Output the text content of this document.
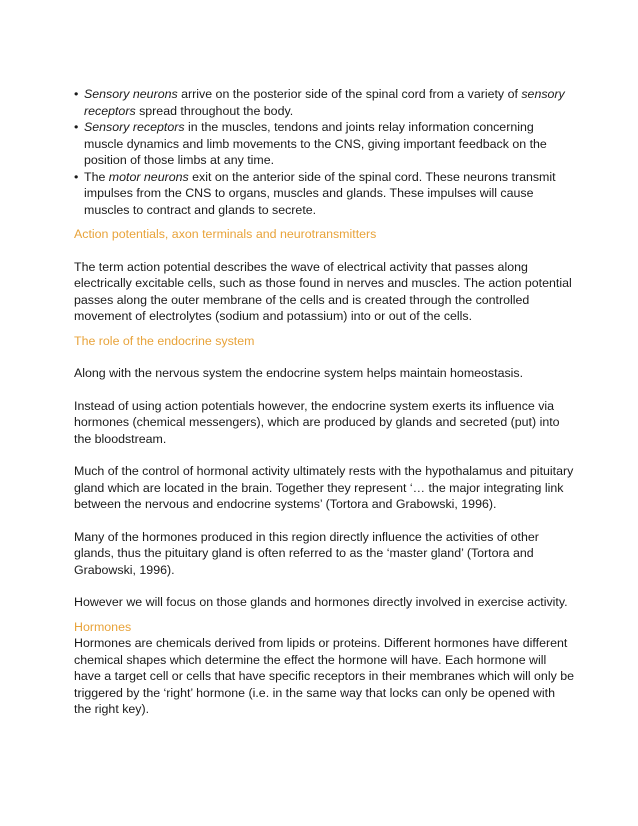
• Sensory neurons arrive on the posterior side of the spinal cord from a variety of sensory receptors spread throughout the body.
• Sensory receptors in the muscles, tendons and joints relay information concerning muscle dynamics and limb movements to the CNS, giving important feedback on the position of those limbs at any time.
• The motor neurons exit on the anterior side of the spinal cord. These neurons transmit impulses from the CNS to organs, muscles and glands. These impulses will cause muscles to contract and glands to secrete.
Action potentials, axon terminals and neurotransmitters

The term action potential describes the wave of electrical activity that passes along electrically excitable cells, such as those found in nerves and muscles. The action potential passes along the outer membrane of the cells and is created through the controlled movement of electrolytes (sodium and potassium) into or out of the cells.

The role of the endocrine system

Along with the nervous system the endocrine system helps maintain homeostasis.

Instead of using action potentials however, the endocrine system exerts its influence via hormones (chemical messengers), which are produced by glands and secreted (put) into the bloodstream.

Much of the control of hormonal activity ultimately rests with the hypothalamus and pituitary gland which are located in the brain. Together they represent ‘… the major integrating link between the nervous and endocrine systems’ (Tortora and Grabowski, 1996).

Many of the hormones produced in this region directly influence the activities of other glands, thus the pituitary gland is often referred to as the ‘master gland’ (Tortora and Grabowski, 1996).

However we will focus on those glands and hormones directly involved in exercise activity.

Hormones

Hormones are chemicals derived from lipids or proteins. Different hormones have different chemical shapes which determine the effect the hormone will have. Each hormone will have a target cell or cells that have specific receptors in their membranes which will only be triggered by the ‘right’ hormone (i.e. in the same way that locks can only be opened with the right key).
